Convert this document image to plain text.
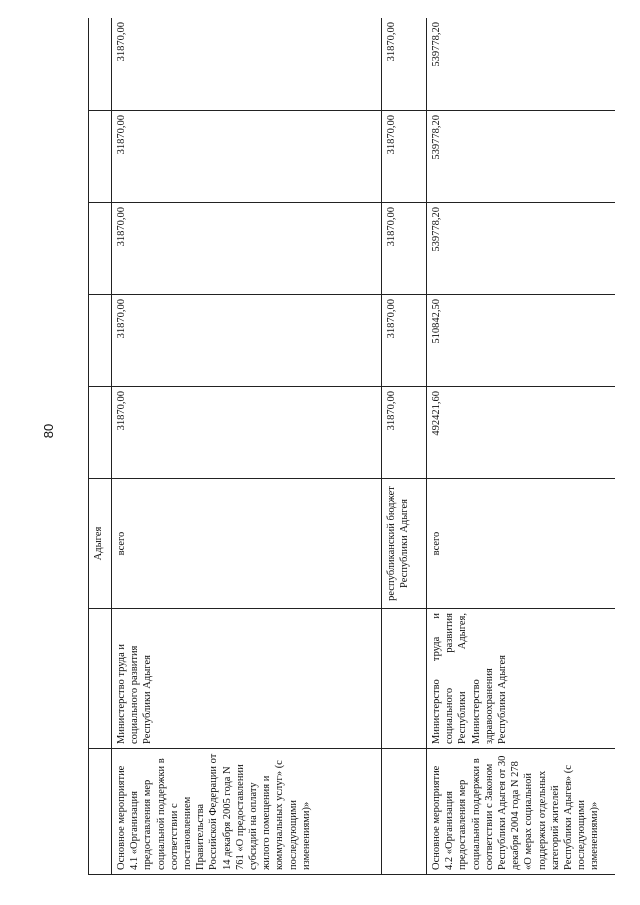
80
		Адыгея					
Основное мероприятие 4.1 «Организация предоставления мер социальной поддержки в соответствии с постановлением Правительства Российской Федерации от 14 декабря 2005 года N 761 «О предоставлении субсидий на оплату жилого помещения и коммунальных услуг» (с последующими изменениями)»	Министерство труда и социального развития Республики Адыгея	всего	31870,00	31870,00	31870,00	31870,00	31870,00
		республиканский бюджет Республики Адыгея	31870,00	31870,00	31870,00	31870,00	31870,00
Основное мероприятие 4.2 «Организация предоставления мер социальной поддержки в соответствии с Законом Республики Адыгея от 30 декабря 2004 года N 278 «О мерах социальной поддержки отдельных категорий жителей Республики Адыгея» (с последующими изменениями)»	Министерство труда и социального развития Республики Адыгея, Министерство здравоохранения Республики Адыгея	всего	492421,60	510842,50	539778,20	539778,20	539778,20
